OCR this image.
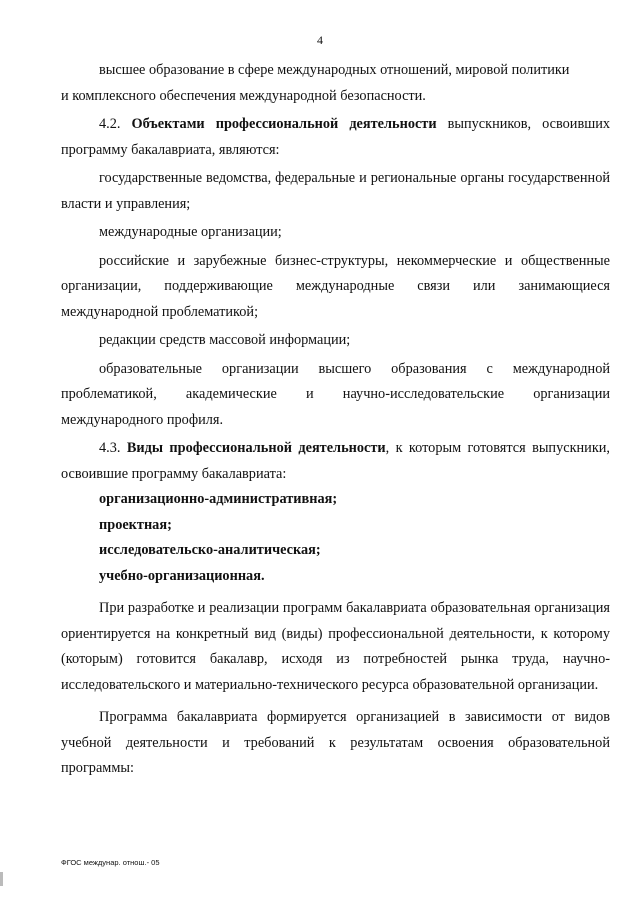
4

высшее образование в сфере международных отношений, мировой политики

и комплексного обеспечения международной безопасности.

4.2. Объектами профессиональной деятельности выпускников, освоивших программу бакалавриата, являются:

государственные ведомства, федеральные и региональные органы государственной власти и управления;

международные организации;

российские и зарубежные бизнес-структуры, некоммерческие и общественные организации, поддерживающие международные связи или занимающиеся международной проблематикой;

редакции средств массовой информации;

образовательные организации высшего образования с международной проблематикой, академические и научно-исследовательские организации международного профиля.

4.3. Виды профессиональной деятельности, к которым готовятся выпускники, освоившие программу бакалавриата:

организационно-административная;

проектная;

исследовательско-аналитическая;

учебно-организационная.

При разработке и реализации программ бакалавриата образовательная организация ориентируется на конкретный вид (виды) профессиональной деятельности, к которому (которым) готовится бакалавр, исходя из потребностей рынка труда, научно-исследовательского и материально-технического ресурса образовательной организации.

Программа бакалавриата формируется организацией в зависимости от видов учебной деятельности и требований к результатам освоения образовательной программы:

ФГОС междунар. отнош.- 05
